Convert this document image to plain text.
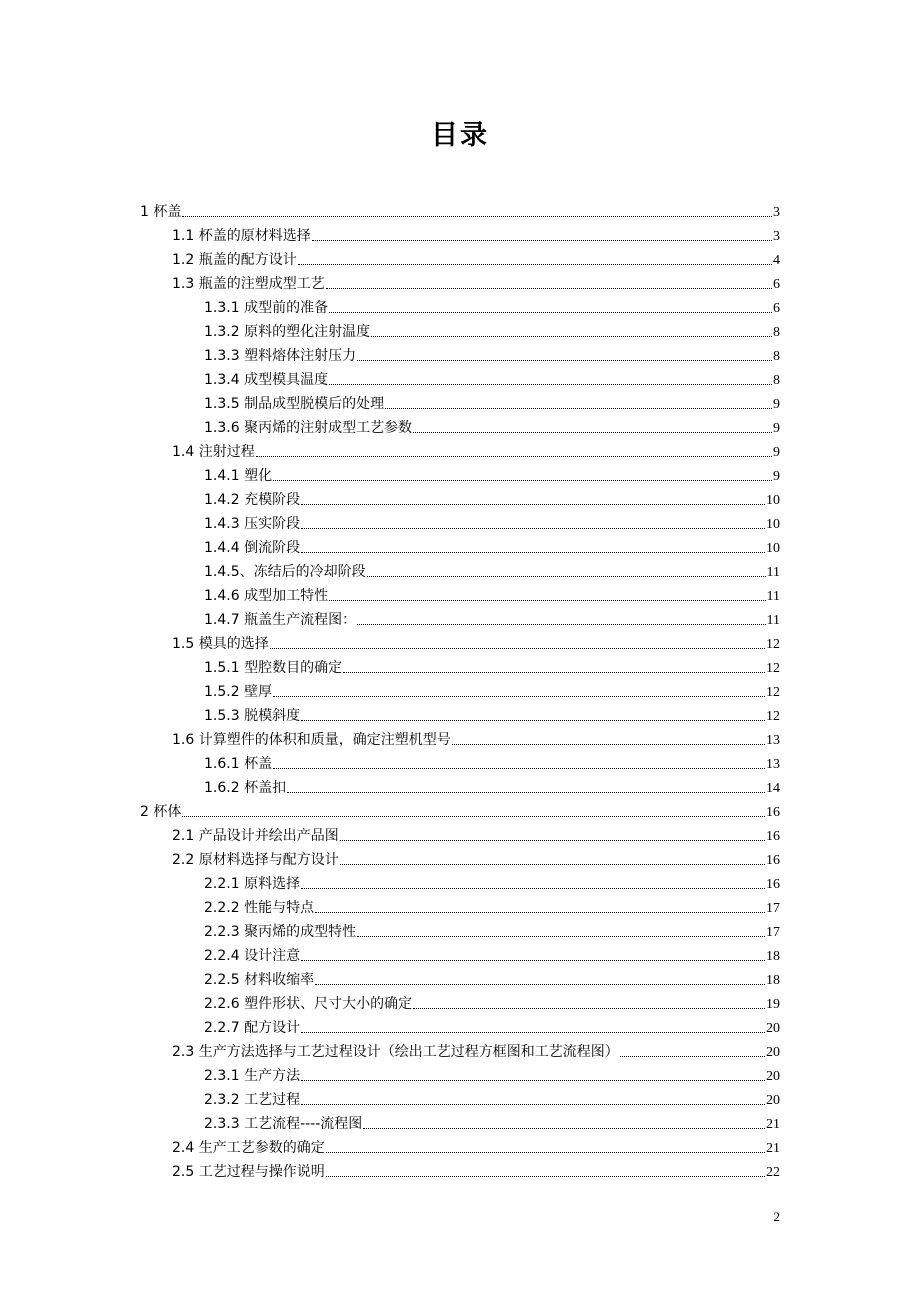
目录
1 杯盖	3
1.1 杯盖的原材料选择	3
1.2 瓶盖的配方设计	4
1.3 瓶盖的注塑成型工艺	6
1.3.1 成型前的准备	6
1.3.2 原料的塑化注射温度	8
1.3.3 塑料熔体注射压力	8
1.3.4 成型模具温度	8
1.3.5 制品成型脱模后的处理	9
1.3.6 聚丙烯的注射成型工艺参数	9
1.4 注射过程	9
1.4.1 塑化	9
1.4.2 充模阶段	10
1.4.3 压实阶段	10
1.4.4 倒流阶段	10
1.4.5、冻结后的冷却阶段	11
1.4.6 成型加工特性	11
1.4.7 瓶盖生产流程图：	11
1.5 模具的选择	12
1.5.1 型腔数目的确定	12
1.5.2 壁厚	12
1.5.3 脱模斜度	12
1.6 计算塑件的体积和质量，确定注塑机型号	13
1.6.1 杯盖	13
1.6.2 杯盖扣	14
2 杯体	16
2.1 产品设计并绘出产品图	16
2.2 原材料选择与配方设计	16
2.2.1 原料选择	16
2.2.2 性能与特点	17
2.2.3 聚丙烯的成型特性	17
2.2.4 设计注意	18
2.2.5 材料收缩率	18
2.2.6 塑件形状、尺寸大小的确定	19
2.2.7 配方设计	20
2.3 生产方法选择与工艺过程设计（绘出工艺过程方框图和工艺流程图）	20
2.3.1 生产方法	20
2.3.2 工艺过程	20
2.3.3 工艺流程----流程图	21
2.4 生产工艺参数的确定	21
2.5 工艺过程与操作说明	22
2
